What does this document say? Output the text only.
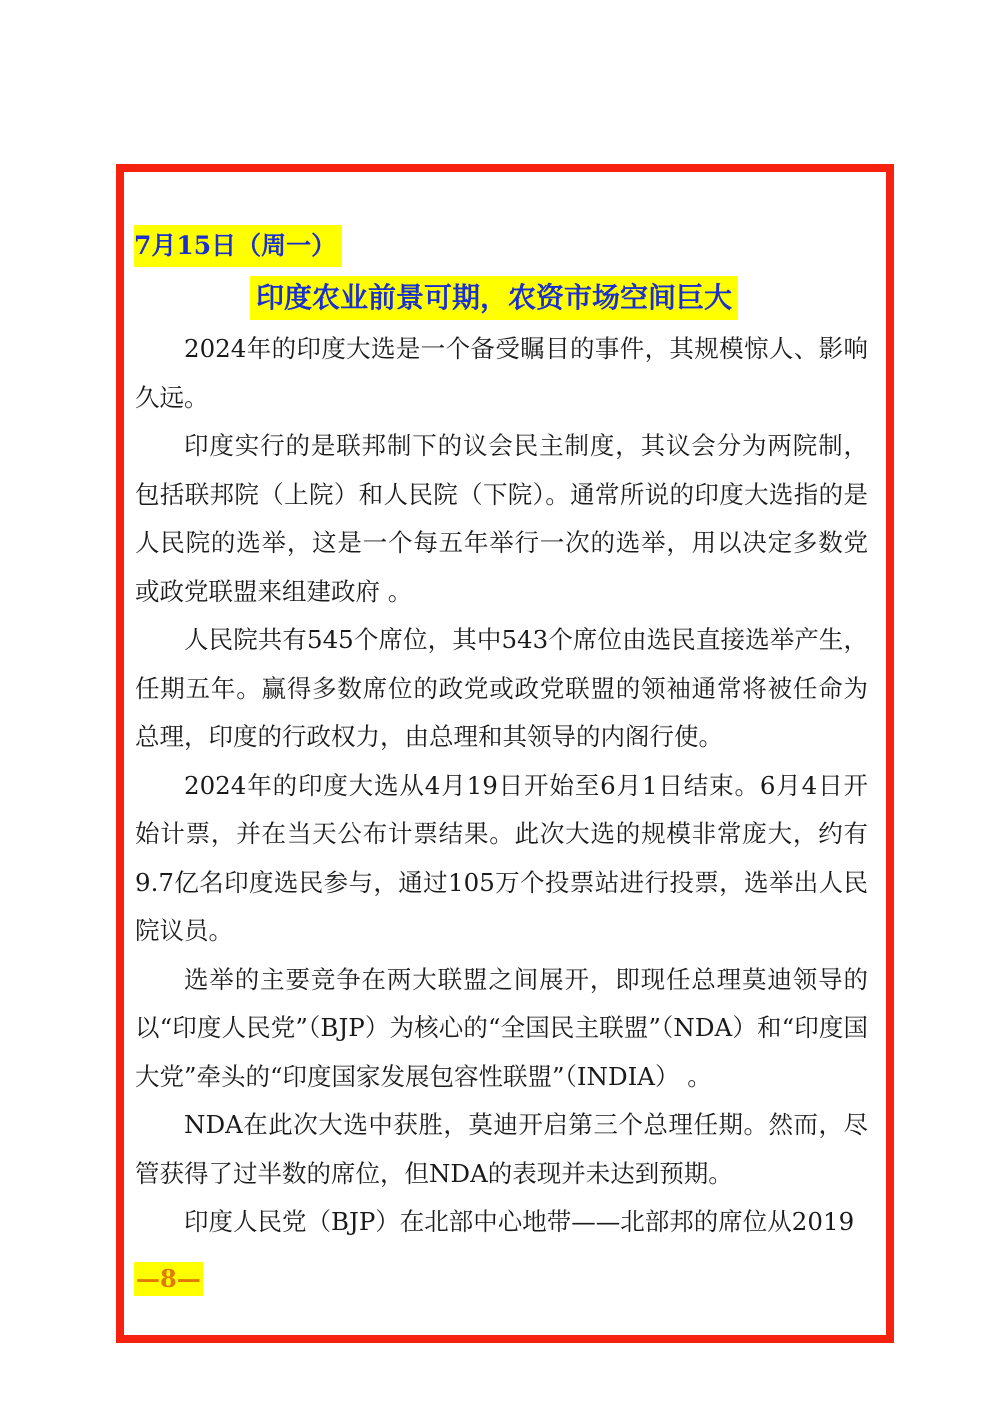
7月15日（周一）
印度农业前景可期，农资市场空间巨大

2024年的印度大选是一个备受瞩目的事件，其规模惊人、影响久远。

印度实行的是联邦制下的议会民主制度，其议会分为两院制，包括联邦院（上院）和人民院（下院）。通常所说的印度大选指的是人民院的选举，这是一个每五年举行一次的选举，用以决定多数党或政党联盟来组建政府 。

人民院共有545个席位，其中543个席位由选民直接选举产生，任期五年。赢得多数席位的政党或政党联盟的领袖通常将被任命为总理，印度的行政权力，由总理和其领导的内阁行使。

2024年的印度大选从4月19日开始至6月1日结束。6月4日开始计票，并在当天公布计票结果。此次大选的规模非常庞大，约有9.7亿名印度选民参与，通过105万个投票站进行投票，选举出人民院议员。

选举的主要竞争在两大联盟之间展开，即现任总理莫迪领导的以“印度人民党”（BJP）为核心的“全国民主联盟”（NDA）和“印度国大党”牵头的“印度国家发展包容性联盟”（INDIA） 。

NDA在此次大选中获胜，莫迪开启第三个总理任期。然而，尽管获得了过半数的席位，但NDA的表现并未达到预期。

印度人民党（BJP）在北部中心地带——北部邦的席位从2019

—8—
